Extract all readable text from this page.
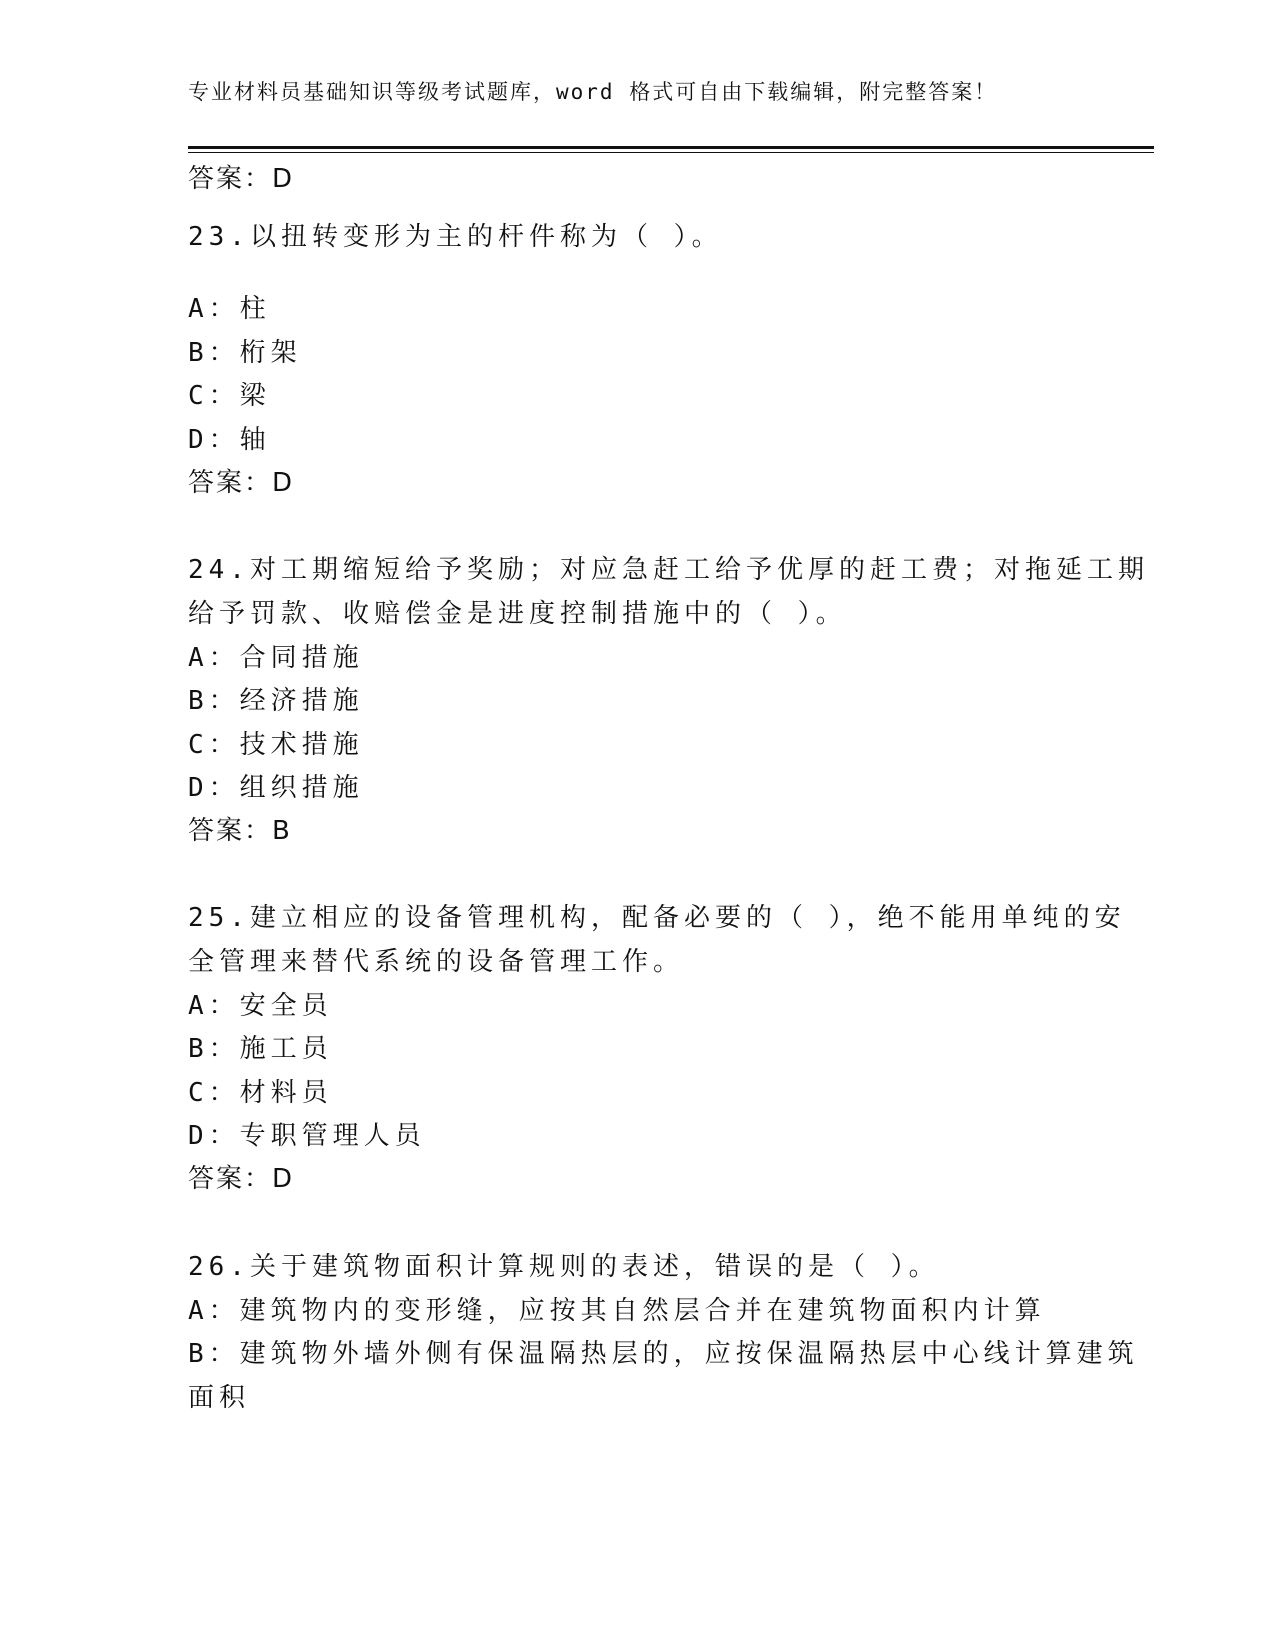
专业材料员基础知识等级考试题库，word 格式可自由下载编辑，附完整答案！
答案：D
23.以扭转变形为主的杆件称为（ ）。
A：柱
B：桁架
C：梁
D：轴
答案：D
24.对工期缩短给予奖励；对应急赶工给予优厚的赶工费；对拖延工期
给予罚款、收赔偿金是进度控制措施中的（ ）。
A：合同措施
B：经济措施
C：技术措施
D：组织措施
答案：B
25.建立相应的设备管理机构，配备必要的（ ），绝不能用单纯的安
全管理来替代系统的设备管理工作。
A：安全员
B：施工员
C：材料员
D：专职管理人员
答案：D
26.关于建筑物面积计算规则的表述，错误的是（ ）。
A：建筑物内的变形缝，应按其自然层合并在建筑物面积内计算
B：建筑物外墙外侧有保温隔热层的，应按保温隔热层中心线计算建筑
面积
